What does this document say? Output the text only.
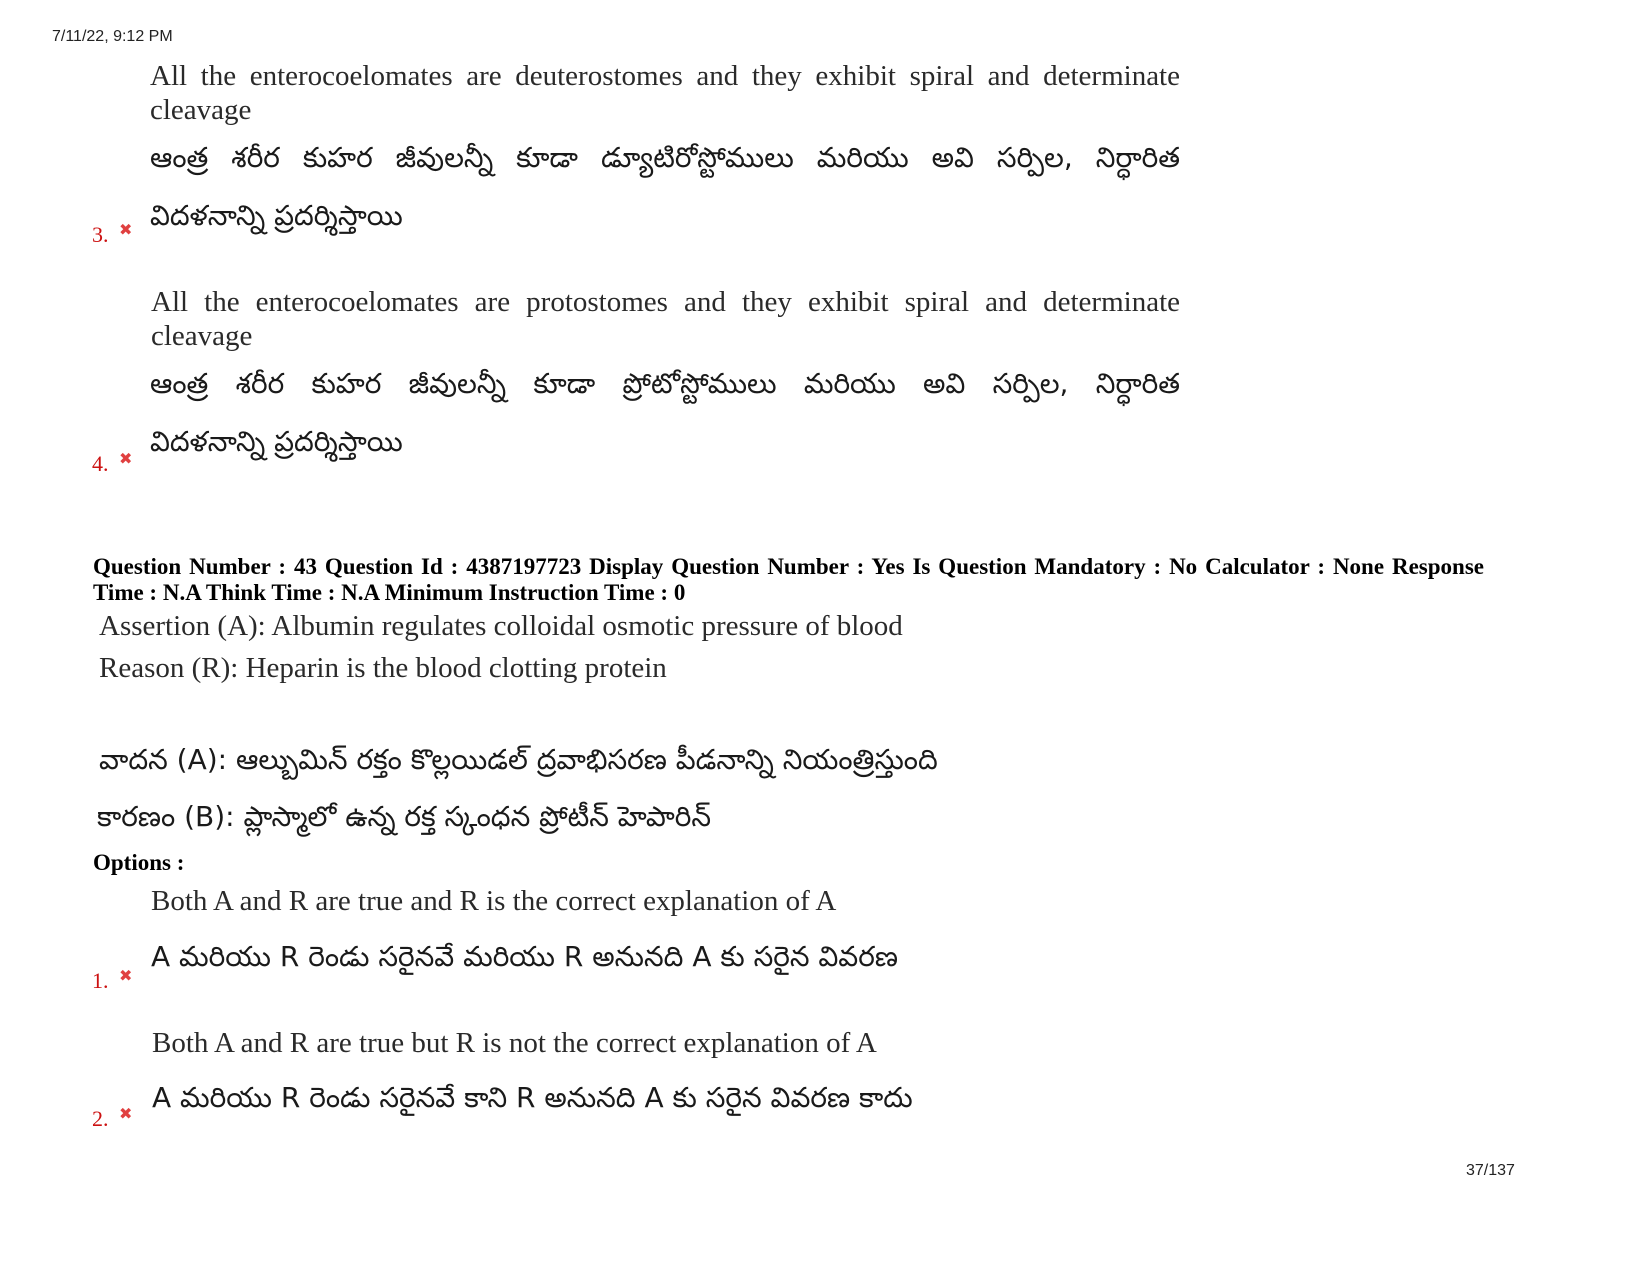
7/11/22, 9:12 PM
All the enterocoelomates are deuterostomes and they exhibit spiral and determinate
cleavage
ఆంత్ర శరీర కుహర జీవులన్నీ కూడా డ్యూటిరోస్టోములు మరియు అవి సర్పిల, నిర్ధారిత
విదళనాన్ని ప్రదర్శిస్తాయి
3. ✖
All the enterocoelomates are protostomes and they exhibit spiral and determinate
cleavage
ఆంత్ర శరీర కుహర జీవులన్నీ కూడా ప్రోటోస్టోములు మరియు అవి సర్పిల, నిర్ధారిత
విదళనాన్ని ప్రదర్శిస్తాయి
4. ✖
Question Number : 43 Question Id : 4387197723 Display Question Number : Yes Is Question Mandatory : No Calculator : None Response
Time : N.A Think Time : N.A Minimum Instruction Time : 0
Assertion (A): Albumin regulates colloidal osmotic pressure of blood
Reason (R): Heparin is the blood clotting protein
వాదన (A): ఆల్బుమిన్ రక్తం కొల్లయిడల్ ద్రవాభిసరణ పీడనాన్ని నియంత్రిస్తుంది
కారణం (B): ప్లాస్మాలో ఉన్న రక్త స్కంధన ప్రోటీన్ హెపారిన్
Options :
Both A and R are true and R is the correct explanation of A
A మరియు R రెండు సరైనవే మరియు R అనునది A కు సరైన వివరణ
1. ✖
Both A and R are true but R is not the correct explanation of A
A మరియు R రెండు సరైనవే కాని R అనునది A కు సరైన వివరణ కాదు
2. ✖
37/137
